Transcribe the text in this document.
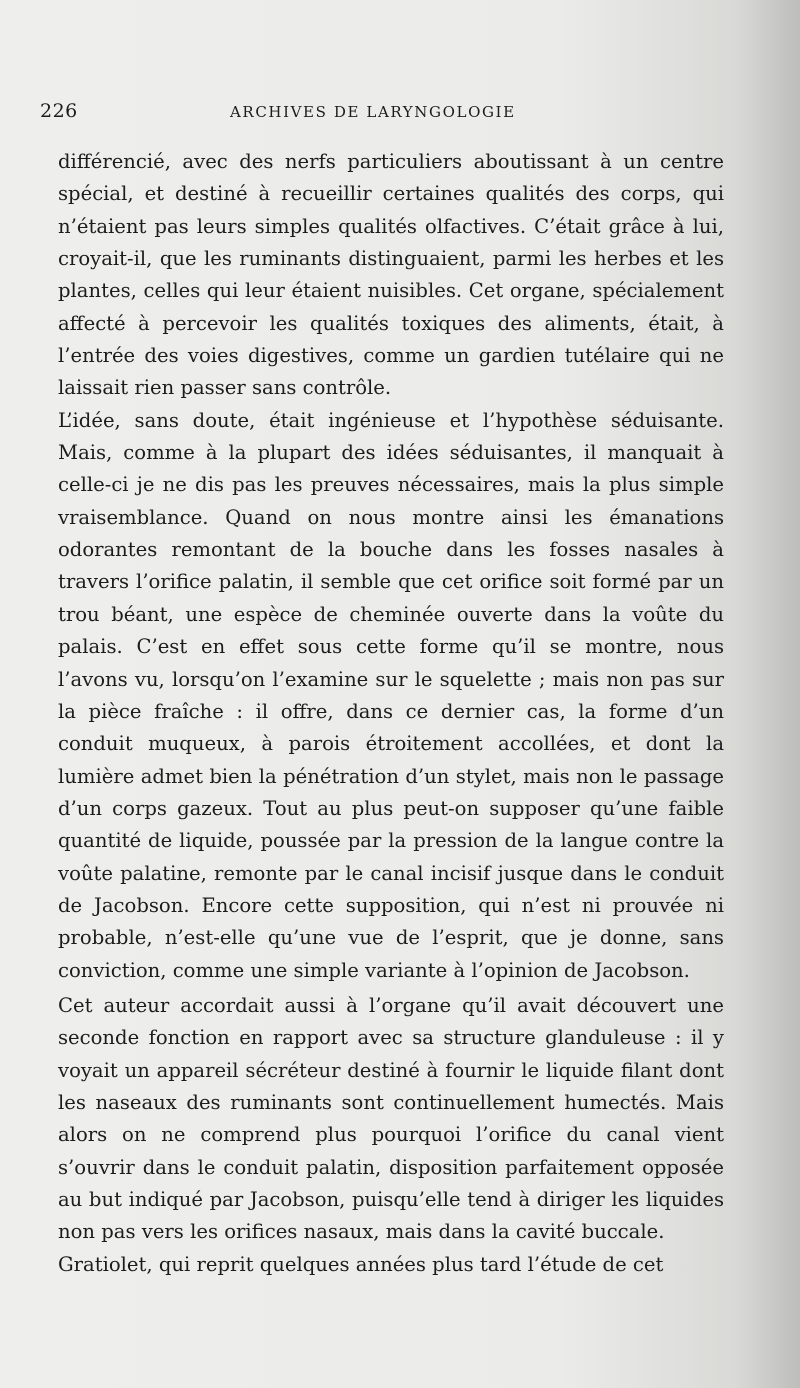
226	ARCHIVES DE LARYNGOLOGIE

différencié, avec des nerfs particuliers aboutissant à un centre spécial, et destiné à recueillir certaines qualités des corps, qui n’étaient pas leurs simples qualités olfactives. C’était grâce à lui, croyait-il, que les ruminants distinguaient, parmi les herbes et les plantes, celles qui leur étaient nuisibles. Cet organe, spécialement affecté à percevoir les qualités toxiques des aliments, était, à l’entrée des voies digestives, comme un gardien tutélaire qui ne laissait rien passer sans contrôle.

L’idée, sans doute, était ingénieuse et l’hypothèse séduisante. Mais, comme à la plupart des idées séduisantes, il manquait à celle-ci je ne dis pas les preuves nécessaires, mais la plus simple vraisemblance. Quand on nous montre ainsi les émanations odorantes remontant de la bouche dans les fosses nasales à travers l’orifice palatin, il semble que cet orifice soit formé par un trou béant, une espèce de cheminée ouverte dans la voûte du palais. C’est en effet sous cette forme qu’il se montre, nous l’avons vu, lorsqu’on l’examine sur le squelette ; mais non pas sur la pièce fraîche : il offre, dans ce dernier cas, la forme d’un conduit muqueux, à parois étroitement accollées, et dont la lumière admet bien la pénétration d’un stylet, mais non le passage d’un corps gazeux. Tout au plus peut-on supposer qu’une faible quantité de liquide, poussée par la pression de la langue contre la voûte palatine, remonte par le canal incisif jusque dans le conduit de Jacobson. Encore cette supposition, qui n’est ni prouvée ni probable, n’est-elle qu’une vue de l’esprit, que je donne, sans conviction, comme une simple variante à l’opinion de Jacobson.

Cet auteur accordait aussi à l’organe qu’il avait découvert une seconde fonction en rapport avec sa structure glanduleuse : il y voyait un appareil sécréteur destiné à fournir le liquide filant dont les naseaux des ruminants sont continuellement humectés. Mais alors on ne comprend plus pourquoi l’orifice du canal vient s’ouvrir dans le conduit palatin, disposition parfaitement opposée au but indiqué par Jacobson, puisqu’elle tend à diriger les liquides non pas vers les orifices nasaux, mais dans la cavité buccale.

Gratiolet, qui reprit quelques années plus tard l’étude de cet
